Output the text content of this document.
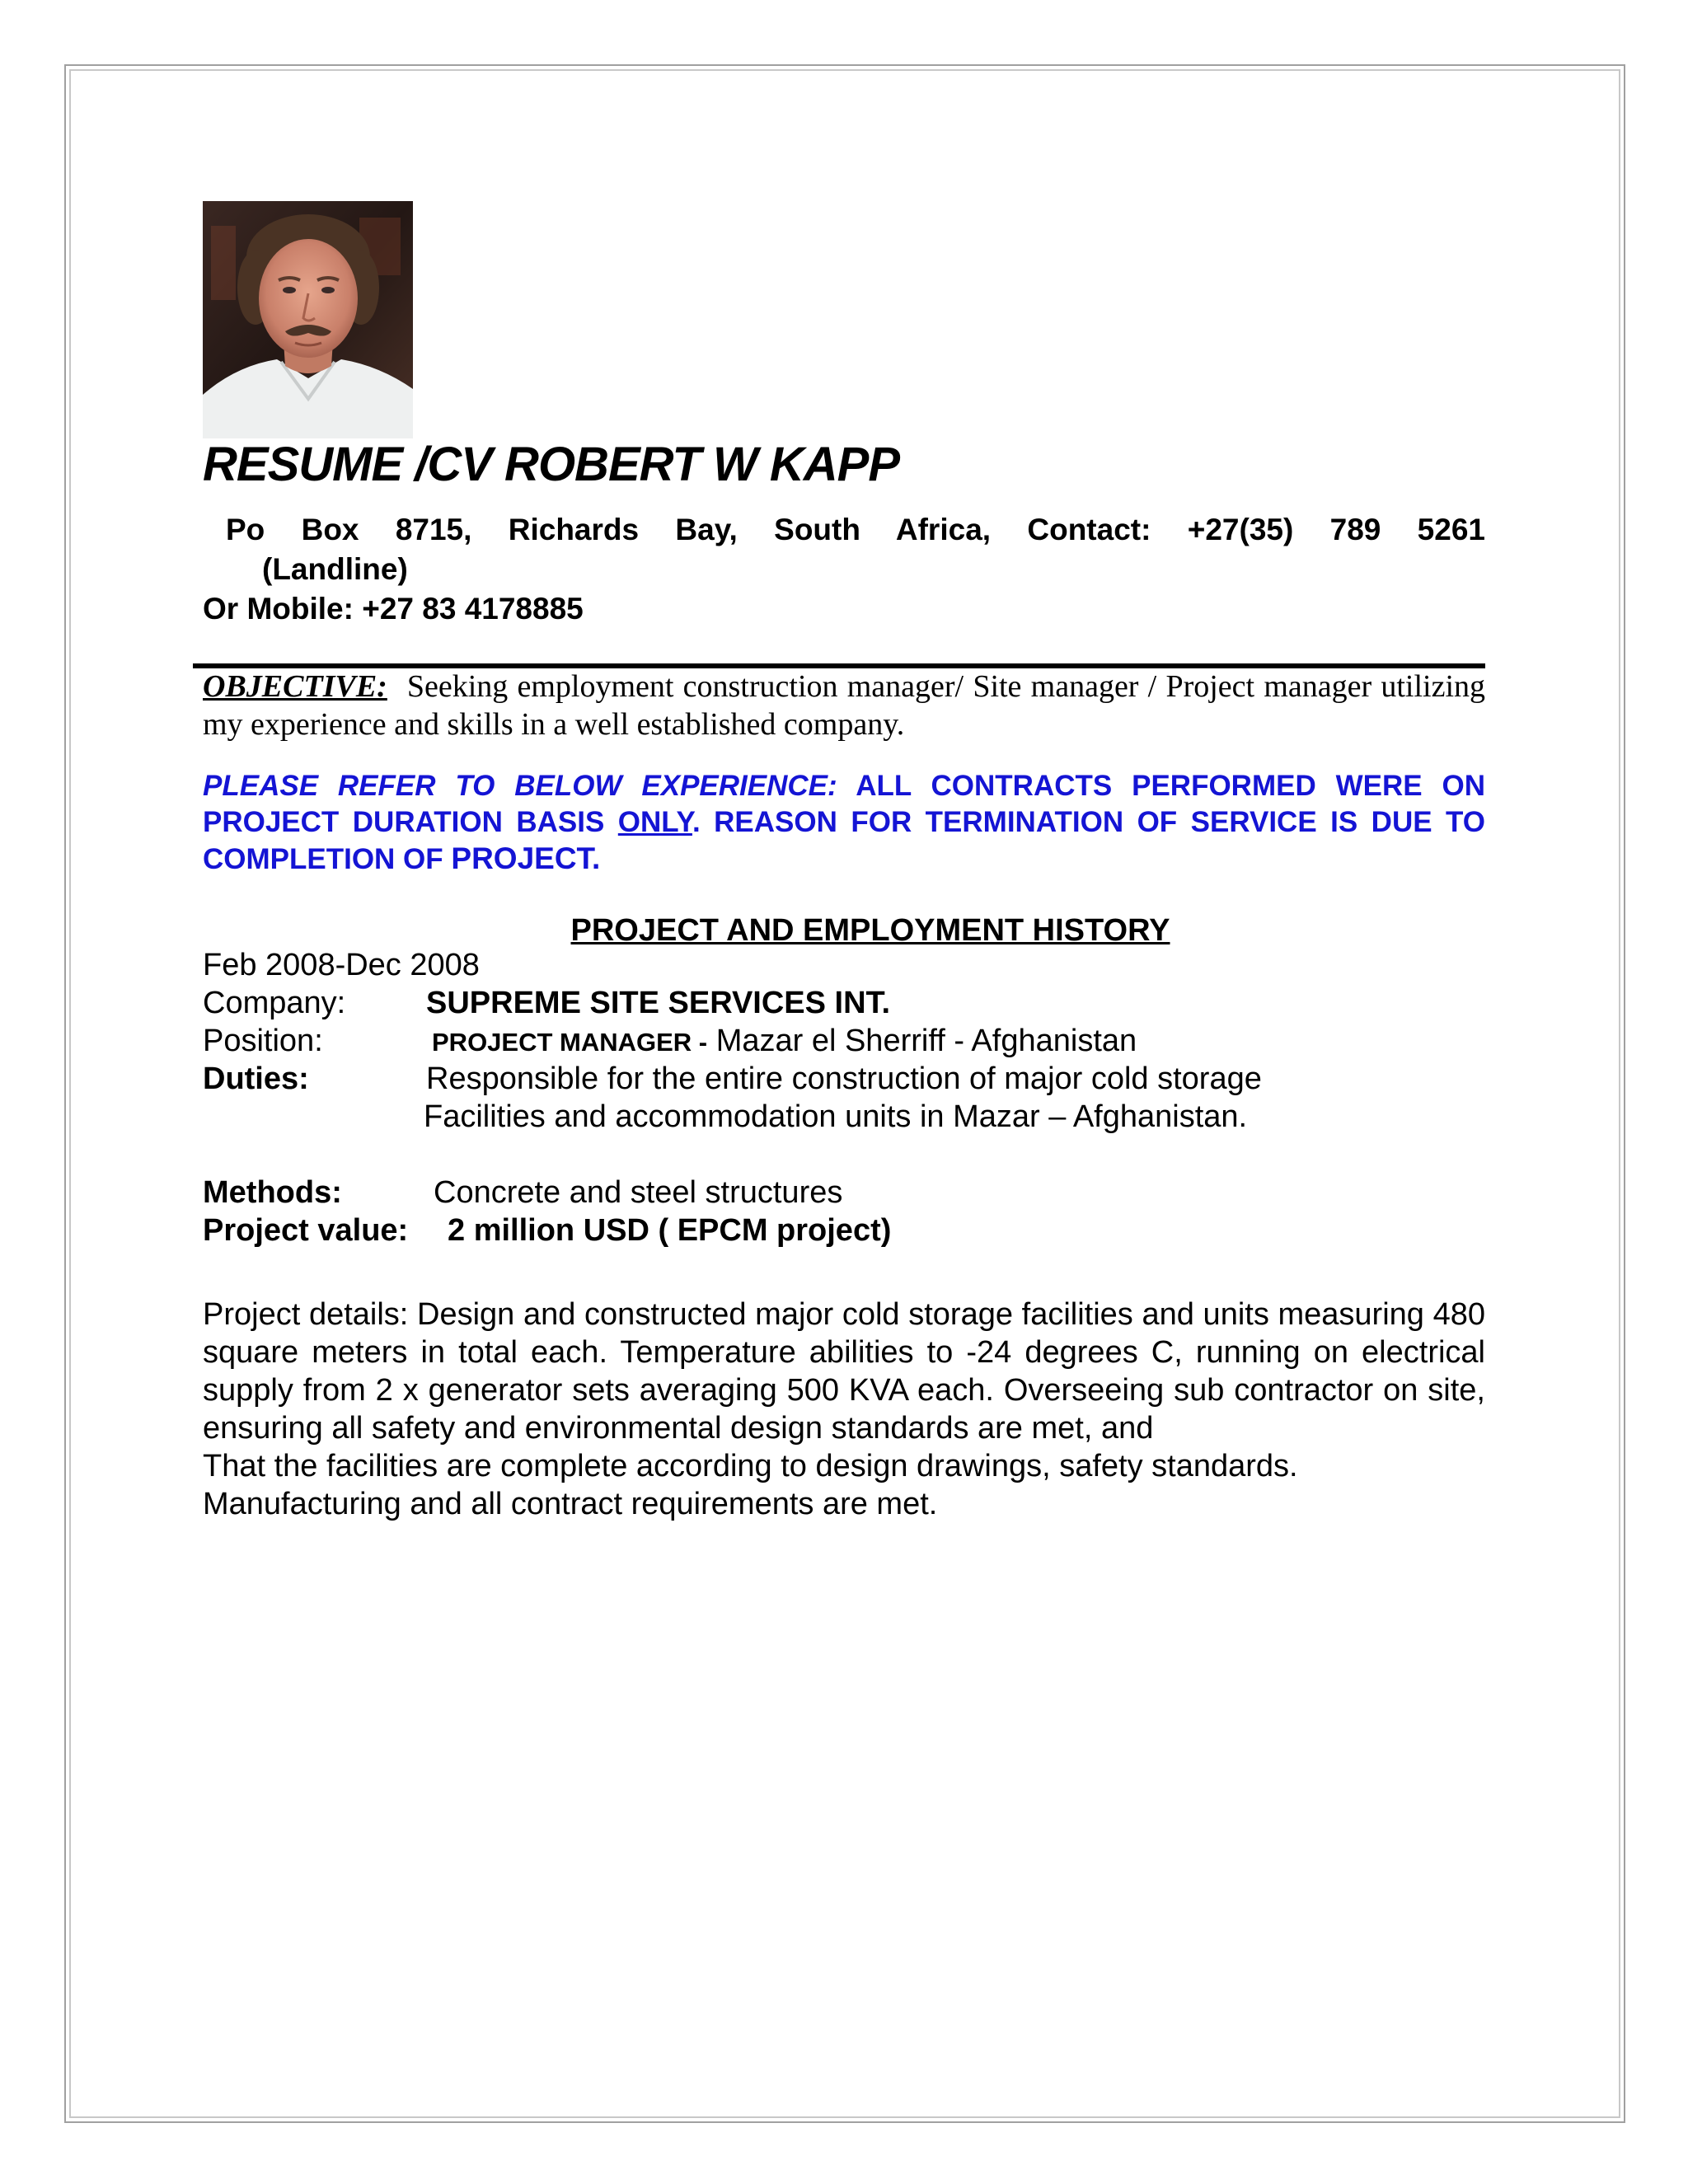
RESUME /CV ROBERT W KAPP
Po Box 8715, Richards Bay, South Africa, Contact: +27(35) 789 5261
(Landline)
Or Mobile: +27 83 4178885
OBJECTIVE: Seeking employment construction manager/ Site manager / Project manager utilizing my experience and skills in a well established company.
PLEASE REFER TO BELOW EXPERIENCE: ALL CONTRACTS PERFORMED WERE ON PROJECT DURATION BASIS ONLY. REASON FOR TERMINATION OF SERVICE IS DUE TO COMPLETION OF PROJECT.
PROJECT AND EMPLOYMENT HISTORY
Feb 2008-Dec 2008
Company:	SUPREME SITE SERVICES INT.
Position:	PROJECT MANAGER - Mazar el Sherriff - Afghanistan
Duties:	Responsible for the entire construction of major cold storage
Facilities and accommodation units in Mazar – Afghanistan.
Methods:	Concrete and steel structures
Project value: 2 million USD ( EPCM project)

Project details: Design and constructed major cold storage facilities and units measuring 480 square meters in total each. Temperature abilities to -24 degrees C, running on electrical supply from 2 x generator sets averaging 500 KVA each. Overseeing sub contractor on site, ensuring all safety and environmental design standards are met, and

That the facilities are complete according to design drawings, safety standards.

Manufacturing and all contract requirements are met.
